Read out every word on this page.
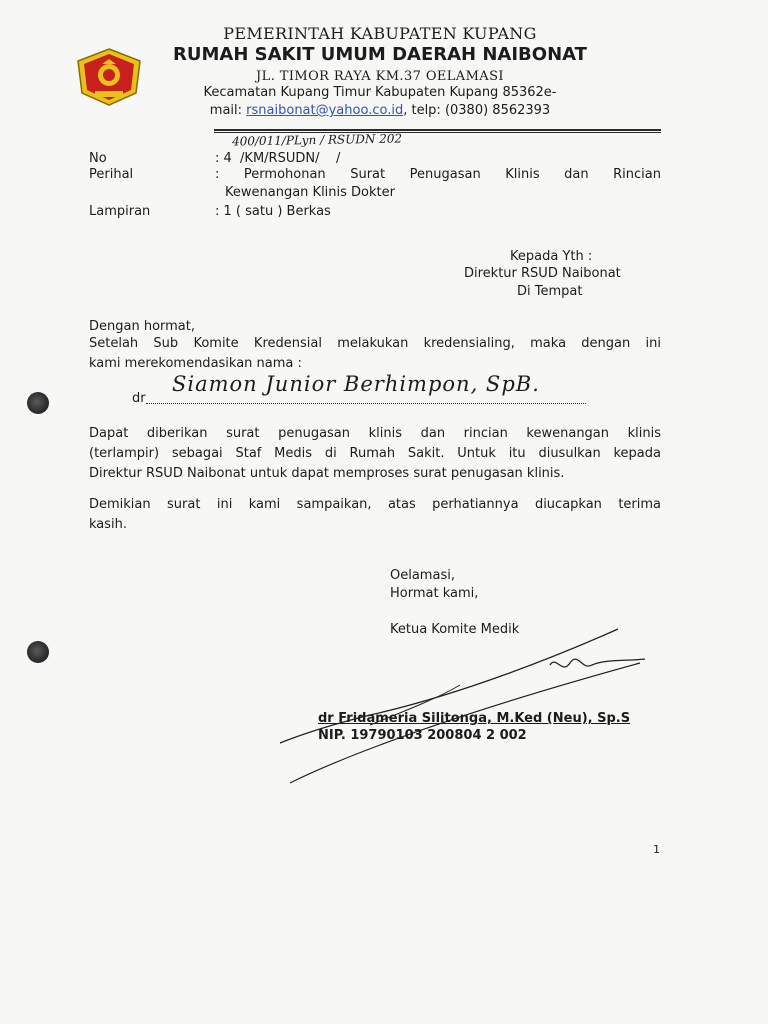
PEMERINTAH KABUPATEN KUPANG
RUMAH SAKIT UMUM DAERAH NAIBONAT
JL. TIMOR RAYA KM.37 OELAMASI
Kecamatan Kupang Timur Kabupaten Kupang 85362e-
mail: rsnaibonat@yahoo.co.id, telp: (0380) 8562393
400/011/PLyn / RSUDN 202
No	: 4  /KM/RSUDN/    /
Perihal	: Permohonan Surat Penugasan Klinis dan Rincian
Kewenangan Klinis Dokter
Lampiran	: 1 ( satu ) Berkas
Kepada Yth :
Direktur RSUD Naibonat
Di Tempat
Dengan hormat,
Setelah Sub Komite Kredensial melakukan kredensialing, maka dengan ini
kami merekomendasikan nama :
dr
Siamon Junior Berhimpon, SpB.
Dapat diberikan surat penugasan klinis dan rincian kewenangan klinis
(terlampir) sebagai Staf Medis di Rumah Sakit. Untuk itu diusulkan kepada
Direktur RSUD Naibonat untuk dapat memproses surat penugasan klinis.
Demikian surat ini kami sampaikan, atas perhatiannya diucapkan terima
kasih.
Oelamasi,
Hormat kami,
Ketua Komite Medik
dr Fridameria Silitonga, M.Ked (Neu), Sp.S
NIP. 19790103 200804 2 002
1
